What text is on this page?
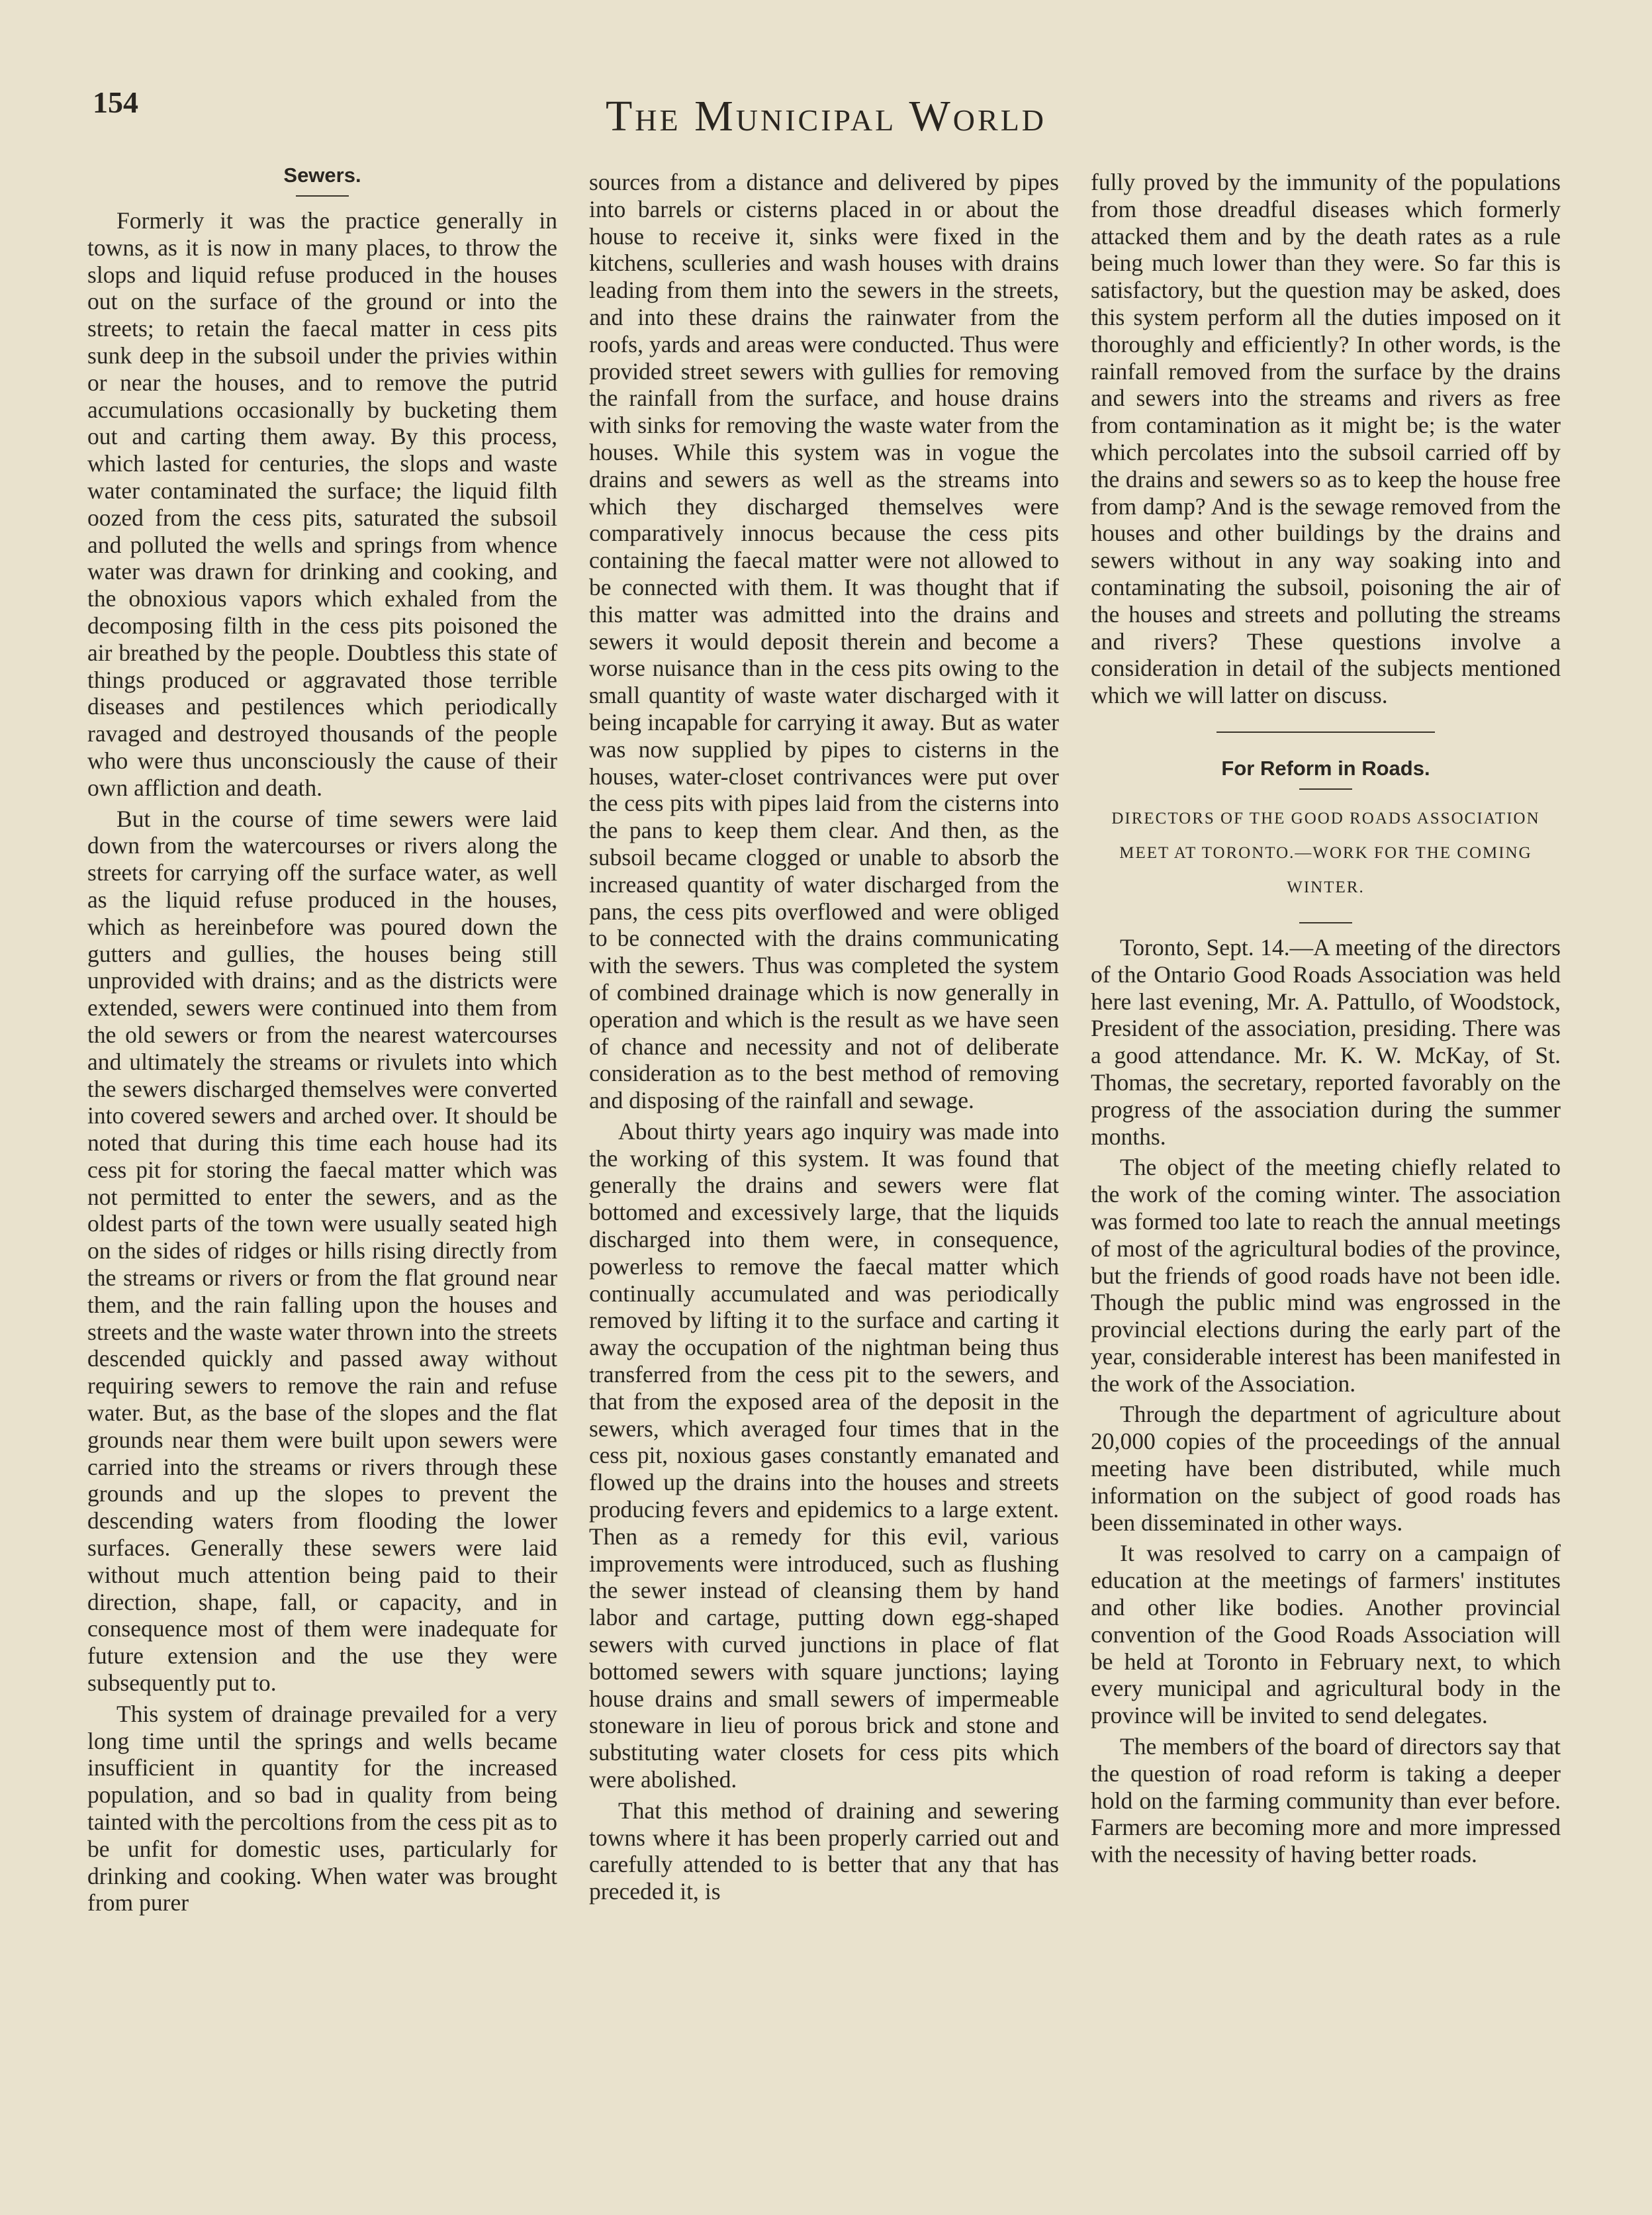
154	The Municipal World
Sewers.

Formerly it was the practice generally in towns, as it is now in many places, to throw the slops and liquid refuse produced in the houses out on the surface of the ground or into the streets; to retain the faecal matter in cess pits sunk deep in the subsoil under the privies within or near the houses, and to remove the putrid accumulations occasionally by bucketing them out and carting them away. By this process, which lasted for centuries, the slops and waste water contaminated the surface; the liquid filth oozed from the cess pits, saturated the subsoil and polluted the wells and springs from whence water was drawn for drinking and cooking, and the obnoxious vapors which exhaled from the decomposing filth in the cess pits poisoned the air breathed by the people. Doubtless this state of things produced or aggravated those terrible diseases and pestilences which periodically ravaged and destroyed thousands of the people who were thus unconsciously the cause of their own affliction and death.

But in the course of time sewers were laid down from the watercourses or rivers along the streets for carrying off the surface water, as well as the liquid refuse produced in the houses, which as hereinbefore was poured down the gutters and gullies, the houses being still unprovided with drains; and as the districts were extended, sewers were continued into them from the old sewers or from the nearest watercourses and ultimately the streams or rivulets into which the sewers discharged themselves were converted into covered sewers and arched over. It should be noted that during this time each house had its cess pit for storing the faecal matter which was not permitted to enter the sewers, and as the oldest parts of the town were usually seated high on the sides of ridges or hills rising directly from the streams or rivers or from the flat ground near them, and the rain falling upon the houses and streets and the waste water thrown into the streets descended quickly and passed away without requiring sewers to remove the rain and refuse water. But, as the base of the slopes and the flat grounds near them were built upon sewers were carried into the streams or rivers through these grounds and up the slopes to prevent the descending waters from flooding the lower surfaces. Generally these sewers were laid without much attention being paid to their direction, shape, fall, or capacity, and in consequence most of them were inadequate for future extension and the use they were subsequently put to.

This system of drainage prevailed for a very long time until the springs and wells became insufficient in quantity for the increased population, and so bad in quality from being tainted with the percoltions from the cess pit as to be unfit for domestic uses, particularly for drinking and cooking. When water was brought from purer

sources from a distance and delivered by pipes into barrels or cisterns placed in or about the house to receive it, sinks were fixed in the kitchens, sculleries and wash houses with drains leading from them into the sewers in the streets, and into these drains the rainwater from the roofs, yards and areas were conducted. Thus were provided street sewers with gullies for removing the rainfall from the surface, and house drains with sinks for removing the waste water from the houses. While this system was in vogue the drains and sewers as well as the streams into which they discharged themselves were comparatively innocus because the cess pits containing the faecal matter were not allowed to be connected with them. It was thought that if this matter was admitted into the drains and sewers it would deposit therein and become a worse nuisance than in the cess pits owing to the small quantity of waste water discharged with it being incapable for carrying it away. But as water was now supplied by pipes to cisterns in the houses, water-closet contrivances were put over the cess pits with pipes laid from the cisterns into the pans to keep them clear. And then, as the subsoil became clogged or unable to absorb the increased quantity of water discharged from the pans, the cess pits overflowed and were obliged to be connected with the drains communicating with the sewers. Thus was completed the system of combined drainage which is now generally in operation and which is the result as we have seen of chance and necessity and not of deliberate consideration as to the best method of removing and disposing of the rainfall and sewage.

About thirty years ago inquiry was made into the working of this system. It was found that generally the drains and sewers were flat bottomed and excessively large, that the liquids discharged into them were, in consequence, powerless to remove the faecal matter which continually accumulated and was periodically removed by lifting it to the surface and carting it away the occupation of the nightman being thus transferred from the cess pit to the sewers, and that from the exposed area of the deposit in the sewers, which averaged four times that in the cess pit, noxious gases constantly emanated and flowed up the drains into the houses and streets producing fevers and epidemics to a large extent. Then as a remedy for this evil, various improvements were introduced, such as flushing the sewer instead of cleansing them by hand labor and cartage, putting down egg-shaped sewers with curved junctions in place of flat bottomed sewers with square junctions; laying house drains and small sewers of impermeable stoneware in lieu of porous brick and stone and substituting water closets for cess pits which were abolished.

That this method of draining and sewering towns where it has been properly carried out and carefully attended to is better that any that has preceded it, is

fully proved by the immunity of the populations from those dreadful diseases which formerly attacked them and by the death rates as a rule being much lower than they were. So far this is satisfactory, but the question may be asked, does this system perform all the duties imposed on it thoroughly and efficiently? In other words, is the rainfall removed from the surface by the drains and sewers into the streams and rivers as free from contamination as it might be; is the water which percolates into the subsoil carried off by the drains and sewers so as to keep the house free from damp? And is the sewage removed from the houses and other buildings by the drains and sewers without in any way soaking into and contaminating the subsoil, poisoning the air of the houses and streets and polluting the streams and rivers? These questions involve a consideration in detail of the subjects mentioned which we will latter on discuss.

For Reform in Roads.
DIRECTORS OF THE GOOD ROADS ASSOCIATION MEET AT TORONTO.—WORK FOR THE COMING WINTER.

Toronto, Sept. 14.—A meeting of the directors of the Ontario Good Roads Association was held here last evening, Mr. A. Pattullo, of Woodstock, President of the association, presiding. There was a good attendance. Mr. K. W. McKay, of St. Thomas, the secretary, reported favorably on the progress of the association during the summer months.

The object of the meeting chiefly related to the work of the coming winter. The association was formed too late to reach the annual meetings of most of the agricultural bodies of the province, but the friends of good roads have not been idle. Though the public mind was engrossed in the provincial elections during the early part of the year, considerable interest has been manifested in the work of the Association.

Through the department of agriculture about 20,000 copies of the proceedings of the annual meeting have been distributed, while much information on the subject of good roads has been disseminated in other ways.

It was resolved to carry on a campaign of education at the meetings of farmers' institutes and other like bodies. Another provincial convention of the Good Roads Association will be held at Toronto in February next, to which every municipal and agricultural body in the province will be invited to send delegates.

The members of the board of directors say that the question of road reform is taking a deeper hold on the farming community than ever before. Farmers are becoming more and more impressed with the necessity of having better roads.
